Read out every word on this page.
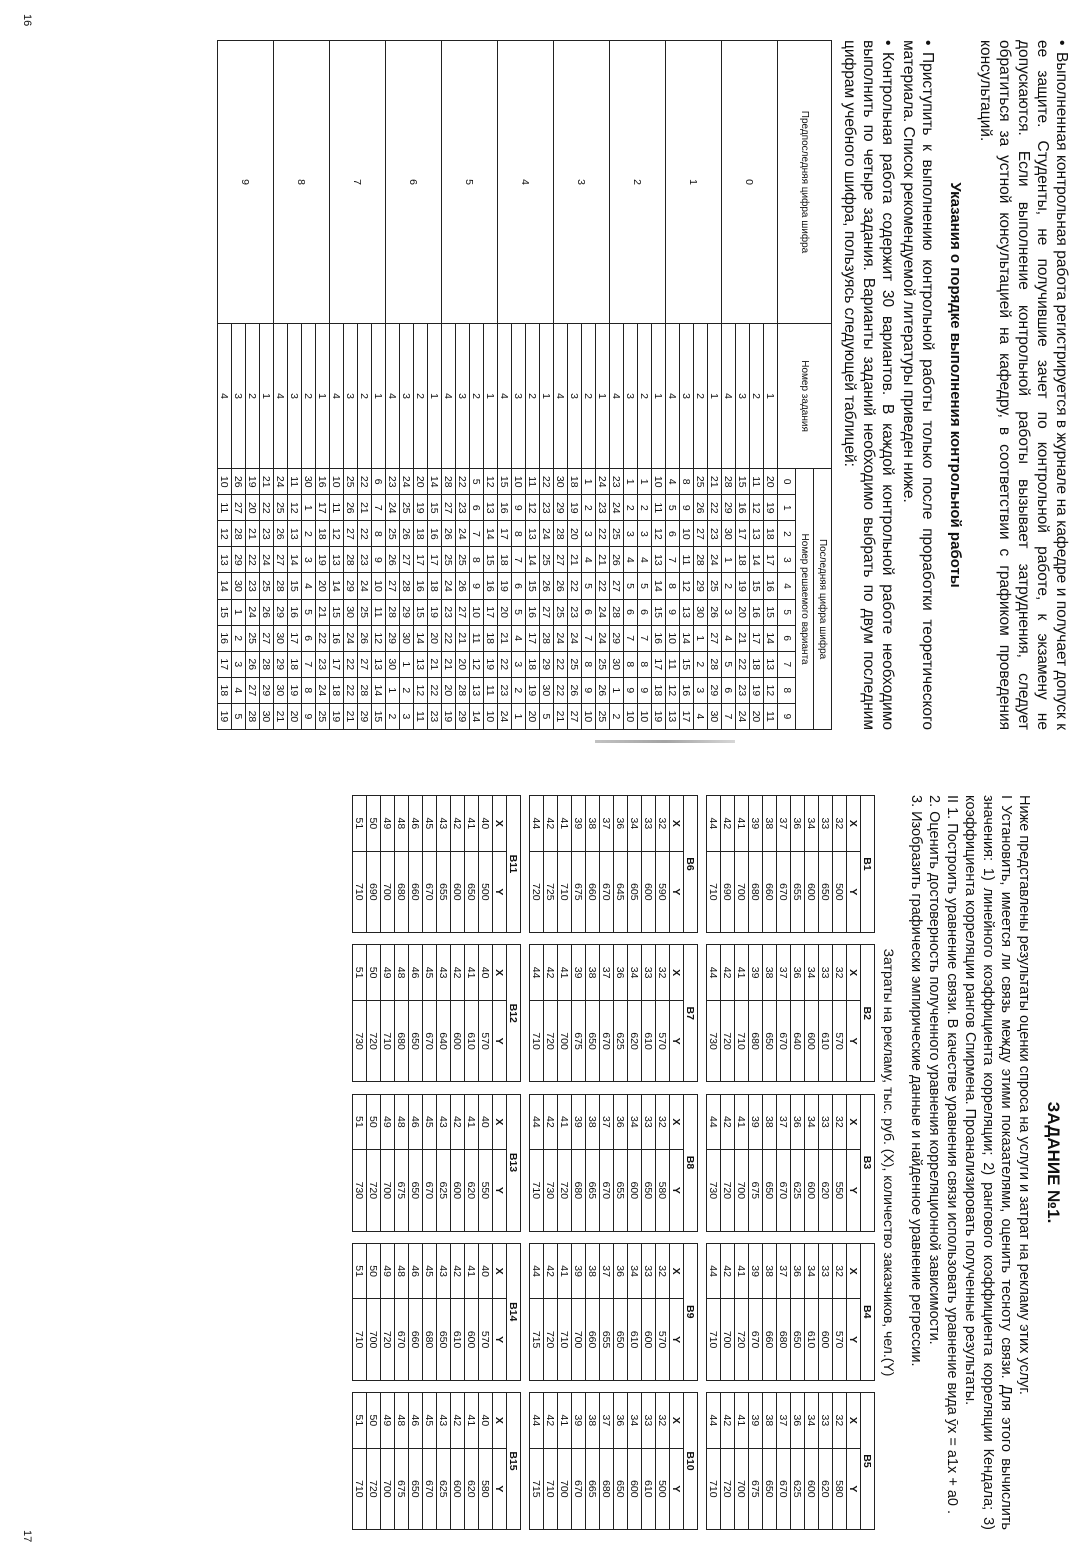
16
17

•Выполненная контрольная работа регистрируется в журнале на кафедре и получает допуск к ее защите. Студенты, не получившие зачет по контрольной работе, к экзамену не допускаются. Если выполнение контрольной работы вызывает затруднения, следует обратиться за устной консультацией на кафедру, в соответствии с графиком проведения консультаций.

Указания о порядке выполнения контрольной работы

•Приступить к выполнению контрольной работы только после проработки теоретического материала. Список рекомендуемой литературы приведен ниже.

•Контрольная работа содержит 30 вариантов. В каждой контрольной работе необходимо выполнить по четыре задания. Варианты заданий необходимо выбрать по двум последним цифрам учебного шифра, пользуясь следующей таблицей:

Предпоследняя цифра шифра	Номер задания	Последняя цифра шифра									
		Номер решаемого варианта									
		0	1	2	3	4	5	6	7	8	9
0	1	20	19	18	17	16	15	14	13	12	11
	2	11	12	13	14	15	16	17	18	19	20
	3	15	16	17	18	19	20	21	22	23	24
	4	28	29	30	1	2	3	4	5	6	7
1	1	21	22	23	24	25	26	27	28	29	30
	2	25	26	27	28	29	30	1	2	3	4
	3	8	9	10	11	12	13	14	15	16	17
	4	4	5	6	7	8	9	10	11	12	13
2	1	10	11	12	13	14	15	16	17	18	19
	2	1	2	3	4	5	6	7	8	9	10
	3	1	2	3	4	5	6	7	8	9	10
	4	23	24	25	26	27	28	29	30	1	2
3	1	24	23	22	21	22	24	24	25	26	25
	2	1	2	3	4	5	6	7	8	9	10
	3	18	19	20	21	22	23	24	25	26	27
	4	30	29	28	27	26	25	24	22	22	21
4	1	22	23	24	25	26	27	28	29	30	5
	2	11	12	13	14	15	16	17	18	19	20
	3	10	9	8	7	6	5	4	3	2	1
	4	15	16	17	18	19	20	21	22	23	24
5	1	12	13	14	15	16	17	18	19	11	10
	2	5	6	7	8	9	10	11	12	13	14
	3	22	23	24	25	26	27	21	20	28	29
	4	28	27	26	25	24	23	22	21	20	19
6	1	14	15	16	17	18	19	20	21	22	23
	2	20	19	18	17	16	15	14	13	12	11
	3	24	25	26	27	28	29	30	1	2	3
	4	23	24	25	26	27	28	29	30	1	2
7	1	6	7	8	9	10	11	12	13	14	15
	2	22	21	22	23	24	25	26	27	28	29
	3	25	26	27	28	29	30	24	22	22	21
	4	10	11	12	13	14	15	16	17	18	19
8	1	16	17	18	19	20	21	22	23	24	25
	2	30	1	2	3	4	5	6	7	8	9
	3	11	12	13	14	15	16	17	18	19	20
	4	24	25	26	27	28	29	30	29	30	21
9	1	21	22	23	24	25	26	27	28	29	30
	2	19	20	21	22	23	24	25	26	27	28
	3	26	27	28	29	30	1	2	3	4	5
	4	10	11	12	13	14	15	16	17	18	19
ЗАДАНИЕ №1.

Ниже представлены результаты оценки спроса на услуги и затрат на рекламу этих услуг.

I Установить, имеется ли связь между этими показателями, оценить тесноту связи. Для этого вычислить значения: 1) линейного коэффициента корреляции; 2) рангового коэффициента корреляции Кендала; 3) коэффициента корреляции рангов Спирмена. Проанализировать полученные результаты.

II 1. Построить уравнение связи. В качестве уравнения связи использовать уравнение вида ȳx = a1x + a0 .

2. Оценить достоверность полученного уравнения корреляционной зависимости.

3. Изобразить графически эмпирические данные и найденное уравнение регрессии.

Затраты на рекламу, тыс. руб. (X), количество заказчиков, чел.(Y)
В1	
X	Y
32	500
33	650
34	600
36	655
37	670
38	660
39	680
41	700
42	690
44	710
В2	
X	Y
32	570
33	610
34	600
36	640
37	670
38	650
39	680
41	710
42	720
44	730
В3	
X	Y
32	550
33	620
34	600
36	625
37	670
38	650
39	675
41	700
42	720
44	730
В4	
X	Y
32	570
33	600
34	610
36	650
37	680
38	660
39	670
41	720
42	700
44	710
В5	
X	Y
32	580
33	620
34	600
36	625
37	670
38	650
39	675
41	700
42	720
44	710
В6	
X	Y
32	590
33	600
34	605
36	645
37	670
38	660
39	675
41	710
42	725
44	720
В7	
X	Y
32	570
33	610
34	620
36	625
37	670
38	650
39	675
41	700
42	720
44	710
В8	
X	Y
32	580
33	650
34	600
36	655
37	670
38	665
39	680
41	720
42	730
44	710
В9	
X	Y
32	570
33	600
34	610
36	650
37	655
38	660
39	700
41	710
42	720
44	715
В10	
X	Y
32	500
33	610
34	600
36	650
37	680
38	665
39	670
41	700
42	710
44	715
В11	
X	Y
40	500
41	650
42	600
43	655
45	670
46	660
48	680
49	700
50	690
51	710
В12	
X	Y
40	570
41	610
42	600
43	640
45	670
46	650
48	680
49	710
50	720
51	730
В13	
X	Y
40	550
41	620
42	600
43	625
45	670
46	650
48	675
49	700
50	720
51	730
В14	
X	Y
40	570
41	600
42	610
43	650
45	680
46	660
48	670
49	720
50	700
51	710
В15	
X	Y
40	580
41	620
42	600
43	625
45	670
46	650
48	675
49	700
50	720
51	710
